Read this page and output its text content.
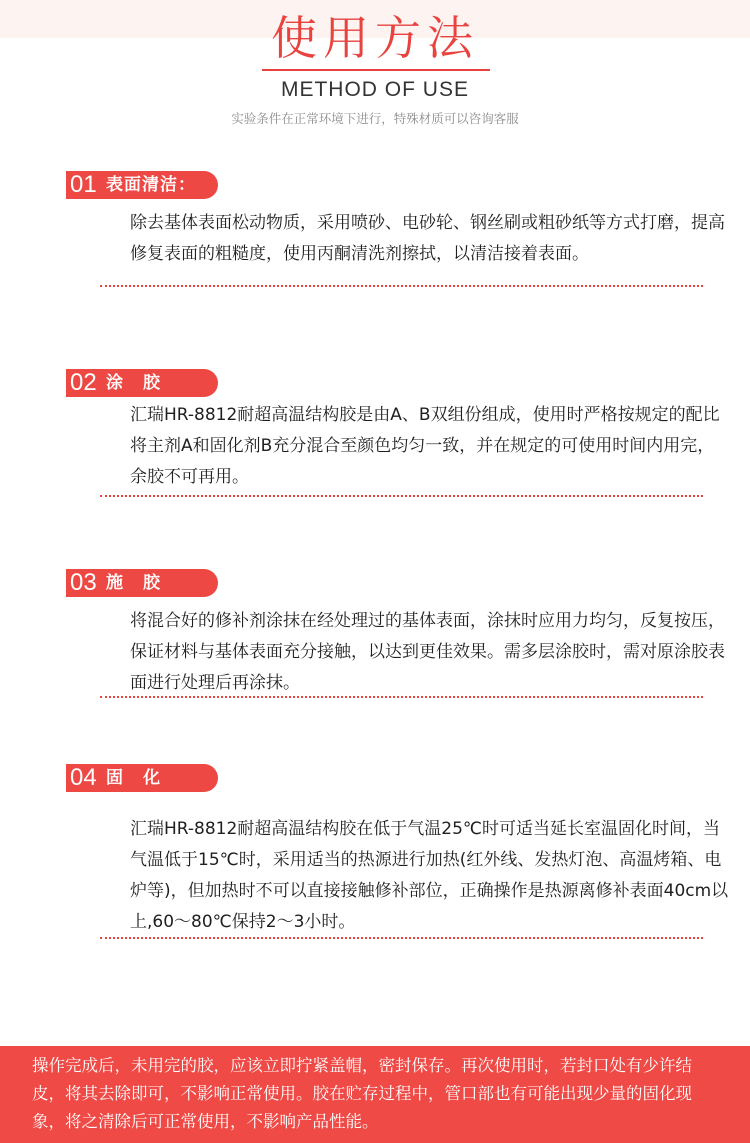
使用方法
METHOD OF USE
实验条件在正常环境下进行，特殊材质可以咨询客服
01 表面清洁：

除去基体表面松动物质，采用喷砂、电砂轮、钢丝刷或粗砂纸等方式打磨，提高修复表面的粗糙度，使用丙酮清洗剂擦拭，以清洁接着表面。

02 涂胶

汇瑞HR-8812耐超高温结构胶是由A、B双组份组成，使用时严格按规定的配比将主剂A和固化剂B充分混合至颜色均匀一致，并在规定的可使用时间内用完，余胶不可再用。

03 施胶

将混合好的修补剂涂抹在经处理过的基体表面，涂抹时应用力均匀，反复按压，保证材料与基体表面充分接触，以达到更佳效果。需多层涂胶时，需对原涂胶表面进行处理后再涂抹。

04 固化

汇瑞HR-8812耐超高温结构胶在低于气温25℃时可适当延长室温固化时间，当气温低于15℃时，采用适当的热源进行加热(红外线、发热灯泡、高温烤箱、电炉等)，但加热时不可以直接接触修补部位，正确操作是热源离修补表面40cm以上,60～80℃保持2～3小时。

操作完成后，未用完的胶，应该立即拧紧盖帽，密封保存。再次使用时，若封口处有少许结皮，将其去除即可，不影响正常使用。胶在贮存过程中，管口部也有可能出现少量的固化现象，将之清除后可正常使用，不影响产品性能。
